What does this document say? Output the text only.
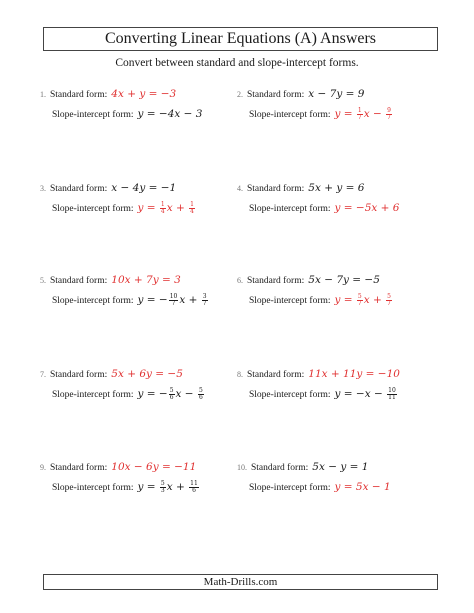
Converting Linear Equations (A) Answers
Convert between standard and slope-intercept forms.
1. Standard form: 4x + y = −3
Slope-intercept form: y = −4x − 3
2. Standard form: x − 7y = 9
Slope-intercept form: $y = \frac{1}{7}$ $x - \frac{9}{7}$
3. Standard form: x − 4y = −1
Slope-intercept form: $y = \frac{1}{4}$ $x + \frac{1}{4}$
4. Standard form: 5x + y = 6
Slope-intercept form: y = −5x + 6
5. Standard form: 10x + 7y = 3
Slope-intercept form: y = − $\frac{10}{7}$ $x + \frac{3}{7}$
6. Standard form: 5x − 7y = −5
Slope-intercept form: $y = \frac{5}{7}$ $x + \frac{5}{7}$
7. Standard form: 5x + 6y = −5
Slope-intercept form: y = − $\frac{5}{6}$ $x - \frac{5}{6}$
8. Standard form: 11x + 11y = −10
Slope-intercept form: $y = -x - \frac{10}{11}$
9. Standard form: 10x − 6y = −11
Slope-intercept form: $y = \frac{5}{3}$ $x + \frac{11}{6}$
10. Standard form: 5x − y = 1
Slope-intercept form: y = 5x − 1
Math-Drills.com
